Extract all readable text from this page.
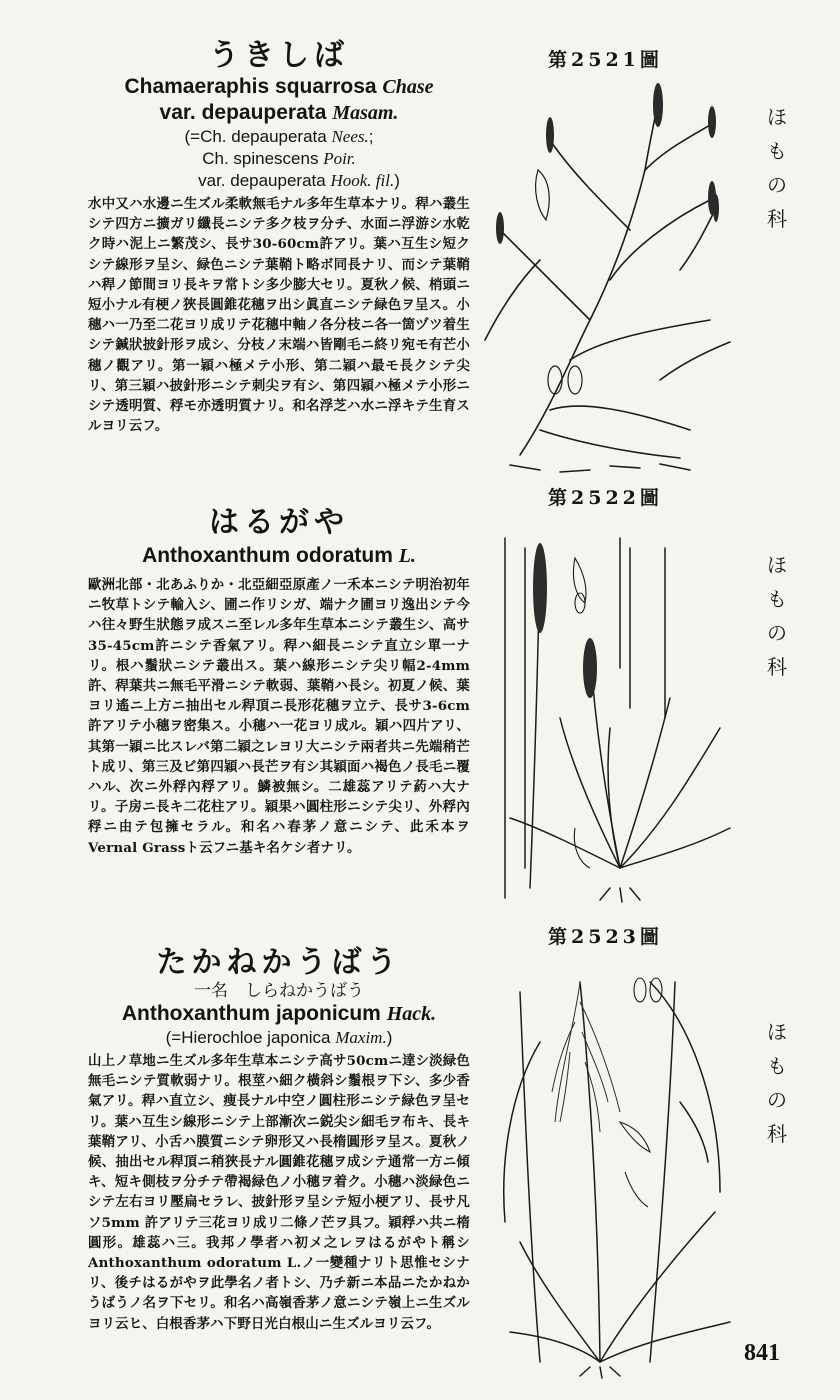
うきしば
Chamaeraphis squarrosa Chase
var. depauperata Masam.
(=Ch. depauperata Nees.;
Ch. spinescens Poir.
var. depauperata Hook. fil.)
水中又ハ水邊ニ生ズル柔軟無毛ナル多年生草本ナリ。稈ハ叢生シテ四方ニ擴ガリ纖長ニシテ多ク枝ヲ分チ、水面ニ浮游シ水乾ク時ハ泥上ニ繁茂シ、長サ30-60cm許アリ。葉ハ互生シ短クシテ線形ヲ呈シ、緑色ニシテ葉鞘ト略ボ同長ナリ、而シテ葉鞘ハ稈ノ節間ヨリ長キヲ常トシ多少膨大セリ。夏秋ノ候、梢頭ニ短小ナル有梗ノ狹長圓錐花穗ヲ出シ眞直ニシテ緑色ヲ呈ス。小穗ハ一乃至二花ヨリ成リテ花穗中軸ノ各分枝ニ各一箇ヅツ着生シテ鍼狀披針形ヲ成シ、分枝ノ末端ハ皆剛毛ニ終リ宛モ有芒小穗ノ觀アリ。第一穎ハ極メテ小形、第二穎ハ最モ長クシテ尖リ、第三穎ハ披針形ニシテ刺尖ヲ有シ、第四穎ハ極メテ小形ニシテ透明質、稃モ亦透明質ナリ。和名浮芝ハ水ニ浮キテ生育スルヨリ云フ。
はるがや
Anthoxanthum odoratum L.
歐洲北部・北あふりか・北亞細亞原產ノ一禾本ニシテ明治初年ニ牧草トシテ輸入シ、圃ニ作リシガ、端ナク圃ヨリ逸出シテ今ハ往々野生狀態ヲ成スニ至レル多年生草本ニシテ叢生シ、高サ35-45cm許ニシテ香氣アリ。稈ハ細長ニシテ直立シ單一ナリ。根ハ鬚狀ニシテ叢出ス。葉ハ線形ニシテ尖リ幅2-4mm許、稈葉共ニ無毛平滑ニシテ軟弱、葉鞘ハ長シ。初夏ノ候、葉ヨリ遙ニ上方ニ抽出セル稈頂ニ長形花穗ヲ立テ、長サ3-6cm許アリテ小穗ヲ密集ス。小穗ハ一花ヨリ成ル。穎ハ四片アリ、其第一穎ニ比スレバ第二穎之レヨリ大ニシテ兩者共ニ先端稍芒ト成リ、第三及ビ第四穎ハ長芒ヲ有シ其穎面ハ褐色ノ長毛ニ覆ハル、次ニ外稃內稃アリ。鱗被無シ。二雄蕊アリテ葯ハ大ナリ。子房ニ長キ二花柱アリ。穎果ハ圓柱形ニシテ尖リ、外稃內稃ニ由テ包擁セラル。和名ハ春茅ノ意ニシテ、此禾本ヲ Vernal Grassト云フニ基キ名ケシ者ナリ。
たかねかうばう
一名　しらねかうばう
Anthoxanthum japonicum Hack.
(=Hierochloe japonica Maxim.)
山上ノ草地ニ生ズル多年生草本ニシテ高サ50cmニ達シ淡緑色無毛ニシテ質軟弱ナリ。根莖ハ細ク橫斜シ鬚根ヲ下シ、多少香氣アリ。稈ハ直立シ、痩長ナル中空ノ圓柱形ニシテ緑色ヲ呈セリ。葉ハ互生シ線形ニシテ上部漸次ニ鋭尖シ細毛ヲ布キ、長キ葉鞘アリ、小舌ハ膜質ニシテ卵形又ハ長楕圓形ヲ呈ス。夏秋ノ候、抽出セル稈頂ニ稍狹長ナル圓錐花穗ヲ成シテ通常一方ニ傾キ、短キ側枝ヲ分チテ帶褐緑色ノ小穗ヲ着ク。小穗ハ淡緑色ニシテ左右ヨリ壓扁セラレ、披針形ヲ呈シテ短小梗アリ、長サ凡ソ5mm 許アリテ三花ヨリ成リ二條ノ芒ヲ具フ。穎稃ハ共ニ楕圓形。雄蕊ハ三。我邦ノ學者ハ初メ之レヲはるがやト稱シ Anthoxanthum odoratum L.ノ一變種ナリト思惟セシナリ、後チはるがやヲ此學名ノ者トシ、乃チ新ニ本品ニたかねかうばうノ名ヲ下セリ。和名ハ高嶺香茅ノ意ニシテ嶺上ニ生ズルヨリ云ヒ、白根香茅ハ下野日光白根山ニ生ズルヨリ云フ。
第2521圖
第2522圖
第2523圖
ほもの科
ほもの科
ほもの科
841
